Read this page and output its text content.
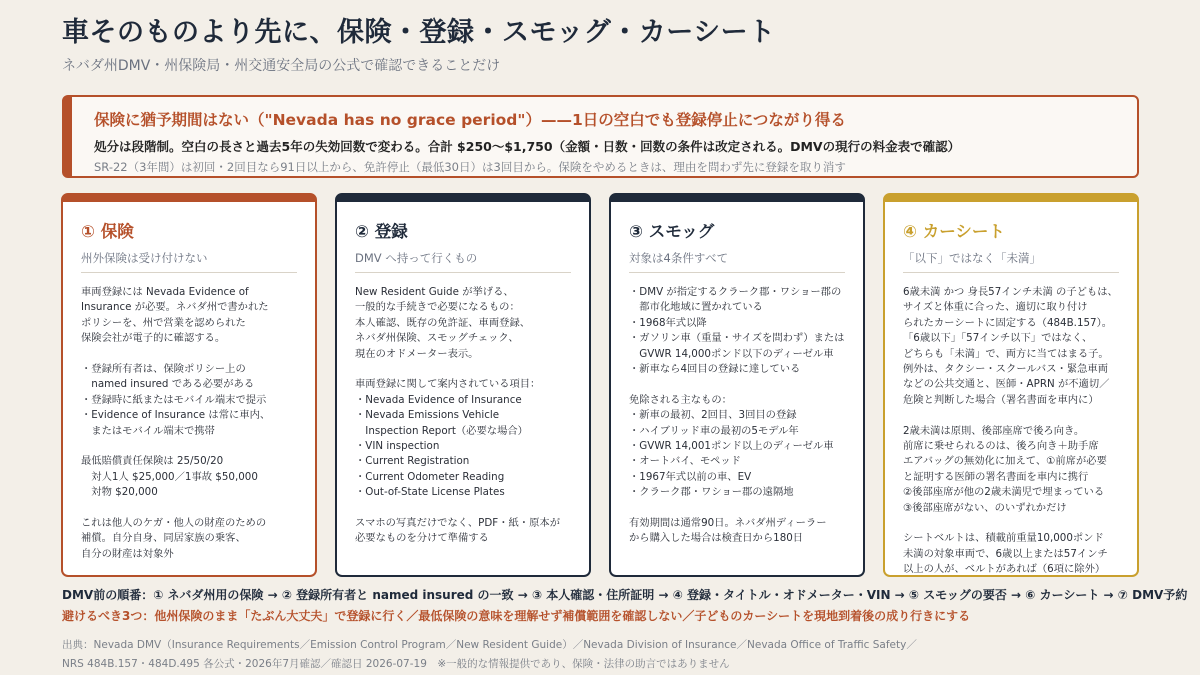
車そのものより先に、保険・登録・スモッグ・カーシート
ネバダ州DMV・州保険局・州交通安全局の公式で確認できることだけ
保険に猶予期間はない（"Nevada has no grace period"）——1日の空白でも登録停止につながり得る
処分は段階制。空白の長さと過去5年の失効回数で変わる。合計 $250〜$1,750（金額・日数・回数の条件は改定される。DMVの現行の料金表で確認）
SR-22（3年間）は初回・2回目なら91日以上から、免許停止（最低30日）は3回目から。保険をやめるときは、理由を問わず先に登録を取り消す
① 保険
州外保険は受け付けない
車両登録には Nevada Evidence of
Insurance が必要。ネバダ州で書かれた
ポリシーを、州で営業を認められた
保険会社が電子的に確認する。
・登録所有者は、保険ポリシー上の
　named insured である必要がある
・登録時に紙またはモバイル端末で提示
・Evidence of Insurance は常に車内、
　またはモバイル端末で携帯
最低賠償責任保険は 25/50/20
　対人1人 $25,000／1事故 $50,000
　対物 $20,000
これは他人のケガ・他人の財産のための
補償。自分自身、同居家族の乗客、
自分の財産は対象外
② 登録
DMV へ持って行くもの
New Resident Guide が挙げる、
一般的な手続きで必要になるもの：
本人確認、既存の免許証、車両登録、
ネバダ州保険、スモッグチェック、
現在のオドメーター表示。
車両登録に関して案内されている項目：
・Nevada Evidence of Insurance
・Nevada Emissions Vehicle
　Inspection Report（必要な場合）
・VIN inspection
・Current Registration
・Current Odometer Reading
・Out-of-State License Plates
スマホの写真だけでなく、PDF・紙・原本が
必要なものを分けて準備する
③ スモッグ
対象は4条件すべて
・DMV が指定するクラーク郡・ワショー郡の
　都市化地域に置かれている
・1968年式以降
・ガソリン車（重量・サイズを問わず）または
　GVWR 14,000ポンド以下のディーゼル車
・新車なら4回目の登録に達している
免除される主なもの：
・新車の最初、2回目、3回目の登録
・ハイブリッド車の最初の5モデル年
・GVWR 14,001ポンド以上のディーゼル車
・オートバイ、モペッド
・1967年式以前の車、EV
・クラーク郡・ワショー郡の遠隔地
有効期間は通常90日。ネバダ州ディーラー
から購入した場合は検査日から180日
④ カーシート
「以下」ではなく「未満」
6歳未満 かつ 身長57インチ未満 の子どもは、
サイズと体重に合った、適切に取り付け
られたカーシートに固定する（484B.157）。
「6歳以下」「57インチ以下」ではなく、
どちらも「未満」で、両方に当てはまる子。
例外は、タクシー・スクールバス・緊急車両
などの公共交通と、医師・APRN が不適切／
危険と判断した場合（署名書面を車内に）
2歳未満は原則、後部座席で後ろ向き。
前席に乗せられるのは、後ろ向き＋助手席
エアバッグの無効化に加えて、①前席が必要
と証明する医師の署名書面を車内に携行
②後部座席が他の2歳未満児で埋まっている
③後部座席がない、のいずれかだけ
シートベルトは、積載前重量10,000ポンド
未満の対象車両で、6歳以上または57インチ
以上の人が、ベルトがあれば（6項に除外）
DMV前の順番：① ネバダ州用の保険 → ② 登録所有者と named insured の一致 → ③ 本人確認・住所証明 → ④ 登録・タイトル・オドメーター・VIN → ⑤ スモッグの要否 → ⑥ カーシート → ⑦ DMV予約
避けるべき3つ：他州保険のまま「たぶん大丈夫」で登録に行く／最低保険の意味を理解せず補償範囲を確認しない／子どものカーシートを現地到着後の成り行きにする
出典：Nevada DMV（Insurance Requirements／Emission Control Program／New Resident Guide）／Nevada Division of Insurance／Nevada Office of Traffic Safety／
NRS 484B.157・484D.495 各公式・2026年7月確認／確認日 2026-07-19　※一般的な情報提供であり、保険・法律の助言ではありません
